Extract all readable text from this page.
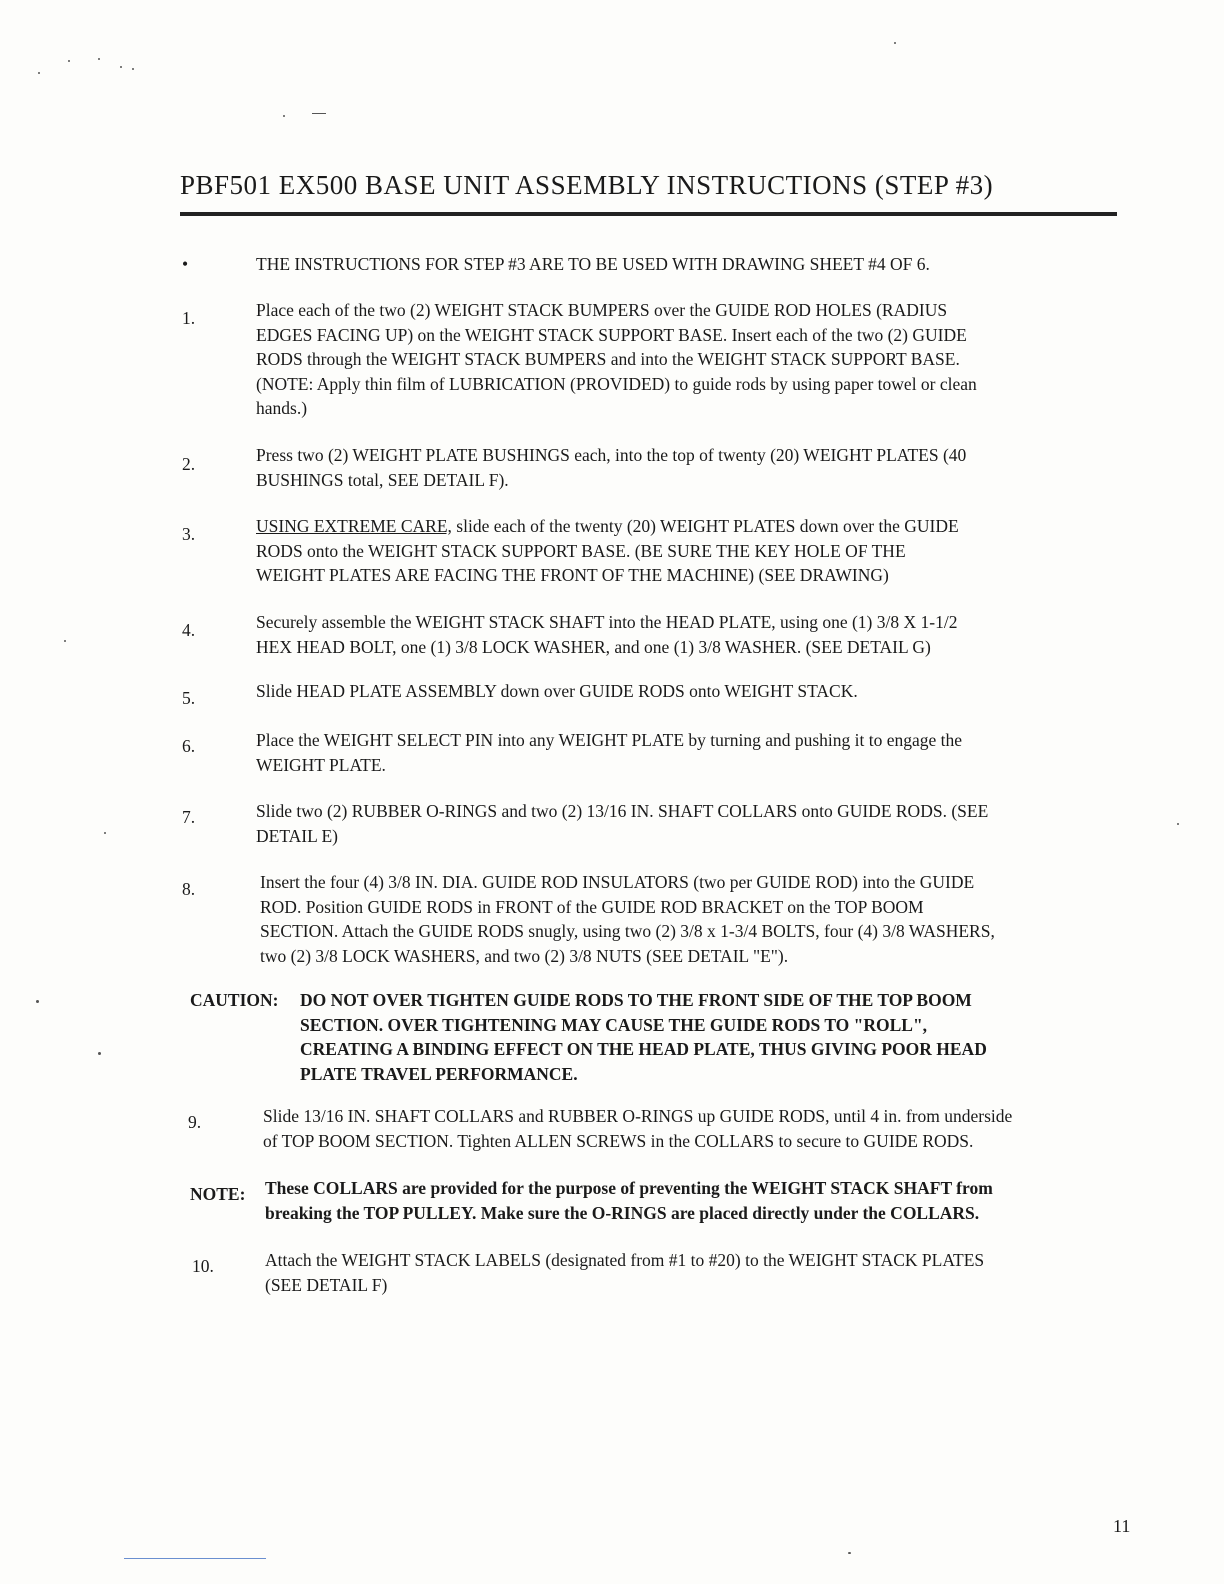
PBF501 EX500 BASE UNIT ASSEMBLY INSTRUCTIONS (STEP #3)
•	THE INSTRUCTIONS FOR STEP #3 ARE TO BE USED WITH DRAWING SHEET #4 OF 6.
1.	Place each of the two (2) WEIGHT STACK BUMPERS over the GUIDE ROD HOLES (RADIUS
EDGES FACING UP) on the WEIGHT STACK SUPPORT BASE. Insert each of the two (2) GUIDE
RODS through the WEIGHT STACK BUMPERS and into the WEIGHT STACK SUPPORT BASE.
(NOTE: Apply thin film of LUBRICATION (PROVIDED) to guide rods by using paper towel or clean
hands.)
2.	Press two (2) WEIGHT PLATE BUSHINGS each, into the top of twenty (20) WEIGHT PLATES (40
BUSHINGS total, SEE DETAIL F).
3.	USING EXTREME CARE, slide each of the twenty (20) WEIGHT PLATES down over the GUIDE
RODS onto the WEIGHT STACK SUPPORT BASE. (BE SURE THE KEY HOLE OF THE
WEIGHT PLATES ARE FACING THE FRONT OF THE MACHINE) (SEE DRAWING)
4.	Securely assemble the WEIGHT STACK SHAFT into the HEAD PLATE, using one (1) 3/8 X 1-1/2
HEX HEAD BOLT, one (1) 3/8 LOCK WASHER, and one (1) 3/8 WASHER. (SEE DETAIL G)
5.	Slide HEAD PLATE ASSEMBLY down over GUIDE RODS onto WEIGHT STACK.
6.	Place the WEIGHT SELECT PIN into any WEIGHT PLATE by turning and pushing it to engage the
WEIGHT PLATE.
7.	Slide two (2) RUBBER O-RINGS and two (2) 13/16 IN. SHAFT COLLARS onto GUIDE RODS. (SEE
DETAIL E)
8.	Insert the four (4) 3/8 IN. DIA. GUIDE ROD INSULATORS (two per GUIDE ROD) into the GUIDE
ROD. Position GUIDE RODS in FRONT of the GUIDE ROD BRACKET on the TOP BOOM
SECTION. Attach the GUIDE RODS snugly, using two (2) 3/8 x 1-3/4 BOLTS, four (4) 3/8 WASHERS,
two (2) 3/8 LOCK WASHERS, and two (2) 3/8 NUTS (SEE DETAIL "E").
CAUTION: DO NOT OVER TIGHTEN GUIDE RODS TO THE FRONT SIDE OF THE TOP BOOM
SECTION. OVER TIGHTENING MAY CAUSE THE GUIDE RODS TO "ROLL",
CREATING A BINDING EFFECT ON THE HEAD PLATE, THUS GIVING POOR HEAD
PLATE TRAVEL PERFORMANCE.
9.	Slide 13/16 IN. SHAFT COLLARS and RUBBER O-RINGS up GUIDE RODS, until 4 in. from underside
of TOP BOOM SECTION. Tighten ALLEN SCREWS in the COLLARS to secure to GUIDE RODS.
NOTE: These COLLARS are provided for the purpose of preventing the WEIGHT STACK SHAFT from
breaking the TOP PULLEY. Make sure the O-RINGS are placed directly under the COLLARS.
10.	Attach the WEIGHT STACK LABELS (designated from #1 to #20) to the WEIGHT STACK PLATES
(SEE DETAIL F)
11
